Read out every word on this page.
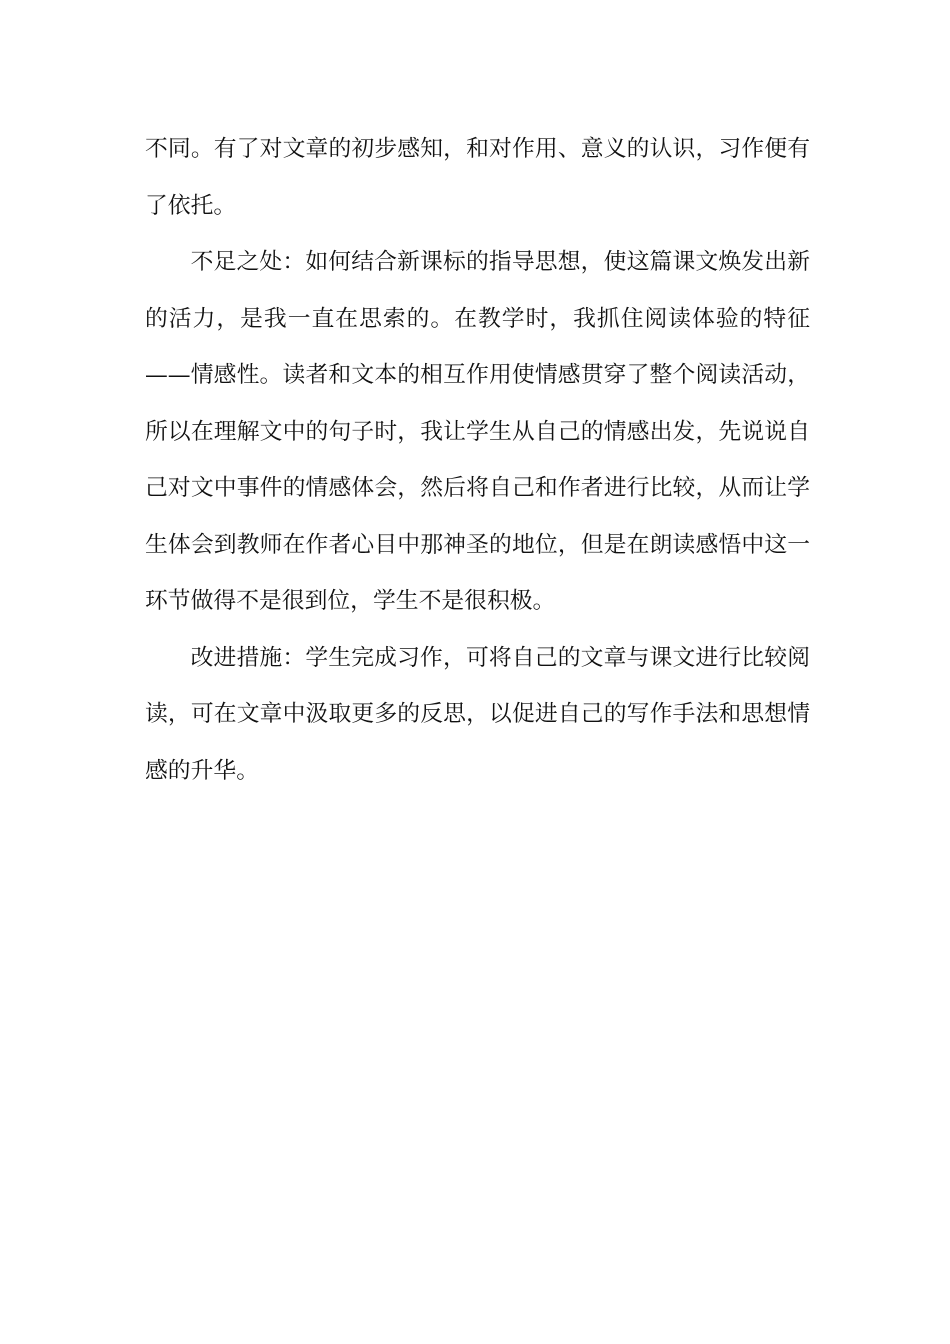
不同。有了对文章的初步感知，和对作用、意义的认识，习作便有
了依托。
不足之处：如何结合新课标的指导思想，使这篇课文焕发出新
的活力，是我一直在思索的。在教学时，我抓住阅读体验的特征
——情感性。读者和文本的相互作用使情感贯穿了整个阅读活动，
所以在理解文中的句子时，我让学生从自己的情感出发，先说说自
己对文中事件的情感体会，然后将自己和作者进行比较，从而让学
生体会到教师在作者心目中那神圣的地位，但是在朗读感悟中这一
环节做得不是很到位，学生不是很积极。
改进措施：学生完成习作，可将自己的文章与课文进行比较阅
读，可在文章中汲取更多的反思，以促进自己的写作手法和思想情
感的升华。
